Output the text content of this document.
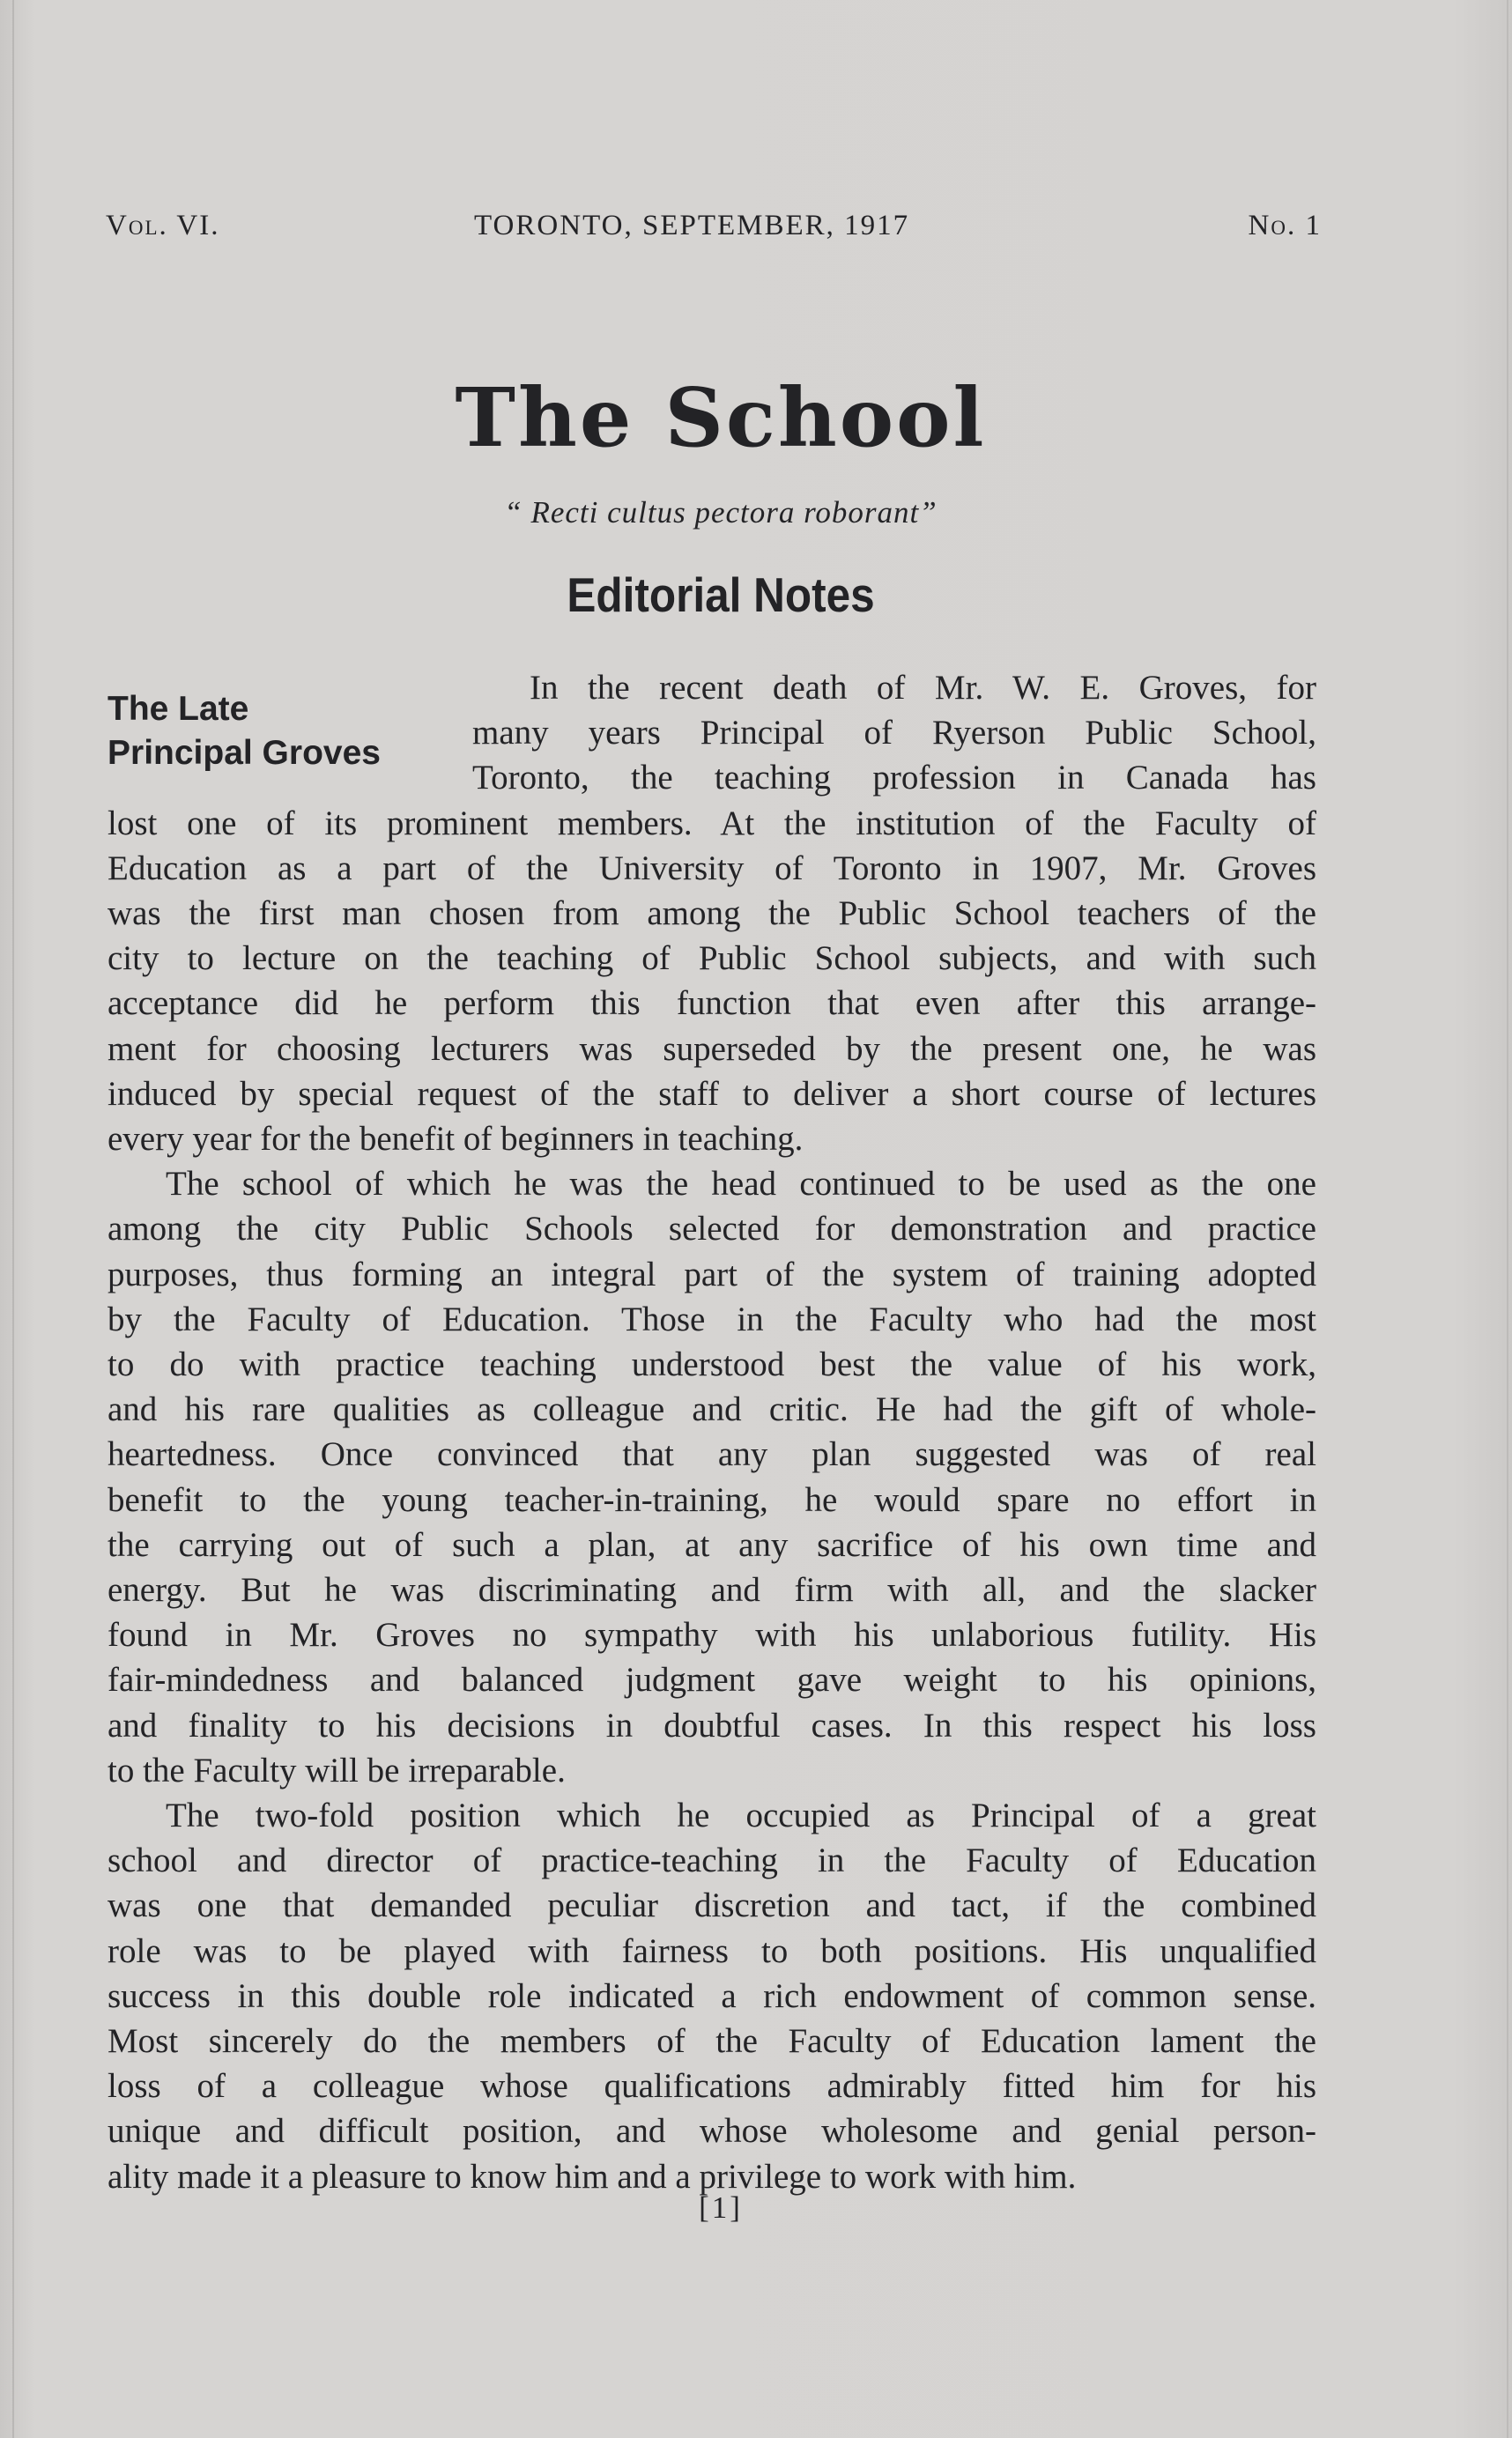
Vol. VI.	TORONTO, SEPTEMBER, 1917	No. 1
The School
“ Recti cultus pectora roborant”
Editorial Notes
The Late
Principal Groves
In the recent death of Mr. W. E. Groves, for
many years Principal of Ryerson Public School,
Toronto, the teaching profession in Canada has
lost one of its prominent members. At the institution of the Faculty of
Education as a part of the University of Toronto in 1907, Mr. Groves
was the first man chosen from among the Public School teachers of the
city to lecture on the teaching of Public School subjects, and with such
acceptance did he perform this function that even after this arrange-
ment for choosing lecturers was superseded by the present one, he was
induced by special request of the staff to deliver a short course of lectures
every year for the benefit of beginners in teaching.
The school of which he was the head continued to be used as the one
among the city Public Schools selected for demonstration and practice
purposes, thus forming an integral part of the system of training adopted
by the Faculty of Education. Those in the Faculty who had the most
to do with practice teaching understood best the value of his work,
and his rare qualities as colleague and critic. He had the gift of whole-
heartedness. Once convinced that any plan suggested was of real
benefit to the young teacher-in-training, he would spare no effort in
the carrying out of such a plan, at any sacrifice of his own time and
energy. But he was discriminating and firm with all, and the slacker
found in Mr. Groves no sympathy with his unlaborious futility. His
fair-mindedness and balanced judgment gave weight to his opinions,
and finality to his decisions in doubtful cases. In this respect his loss
to the Faculty will be irreparable.
The two-fold position which he occupied as Principal of a great
school and director of practice-teaching in the Faculty of Education
was one that demanded peculiar discretion and tact, if the combined
role was to be played with fairness to both positions. His unqualified
success in this double role indicated a rich endowment of common sense.
Most sincerely do the members of the Faculty of Education lament the
loss of a colleague whose qualifications admirably fitted him for his
unique and difficult position, and whose wholesome and genial person-
ality made it a pleasure to know him and a privilege to work with him.
[1]
